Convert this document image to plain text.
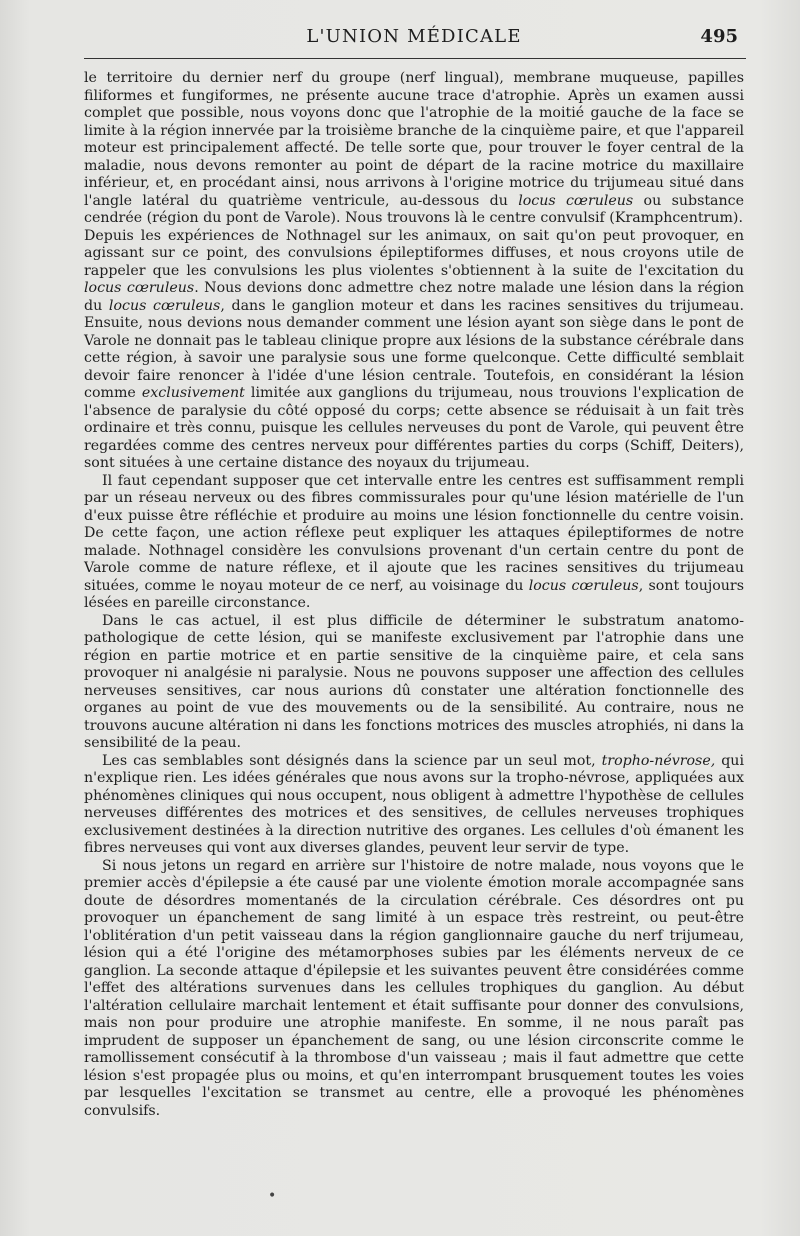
L'UNION MÉDICALE	495

le territoire du dernier nerf du groupe (nerf lingual), membrane muqueuse, papilles filiformes et fungiformes, ne présente aucune trace d'atrophie. Après un examen aussi complet que possible, nous voyons donc que l'atrophie de la moitié gauche de la face se limite à la région innervée par la troisième branche de la cinquième paire, et que l'appareil moteur est principalement affecté. De telle sorte que, pour trouver le foyer central de la maladie, nous devons remonter au point de départ de la racine motrice du maxillaire inférieur, et, en procédant ainsi, nous arrivons à l'origine motrice du trijumeau situé dans l'angle latéral du quatrième ventricule, au-dessous du locus cœruleus ou substance cendrée (région du pont de Varole). Nous trouvons là le centre convulsif (Kramphcentrum).

Depuis les expériences de Nothnagel sur les animaux, on sait qu'on peut provoquer, en agissant sur ce point, des convulsions épileptiformes diffuses, et nous croyons utile de rappeler que les convulsions les plus violentes s'obtiennent à la suite de l'excitation du locus cœruleus. Nous devions donc admettre chez notre malade une lésion dans la région du locus cœruleus, dans le ganglion moteur et dans les racines sensitives du trijumeau. Ensuite, nous devions nous demander comment une lésion ayant son siège dans le pont de Varole ne donnait pas le tableau clinique propre aux lésions de la substance cérébrale dans cette région, à savoir une paralysie sous une forme quelconque. Cette difficulté semblait devoir faire renoncer à l'idée d'une lésion centrale. Toutefois, en considérant la lésion comme exclusivement limitée aux ganglions du trijumeau, nous trouvions l'explication de l'absence de paralysie du côté opposé du corps; cette absence se réduisait à un fait très ordinaire et très connu, puisque les cellules nerveuses du pont de Varole, qui peuvent être regardées comme des centres nerveux pour différentes parties du corps (Schiff, Deiters), sont situées à une certaine distance des noyaux du trijumeau.

Il faut cependant supposer que cet intervalle entre les centres est suffisamment rempli par un réseau nerveux ou des fibres commissurales pour qu'une lésion matérielle de l'un d'eux puisse être réfléchie et produire au moins une lésion fonctionnelle du centre voisin. De cette façon, une action réflexe peut expliquer les attaques épileptiformes de notre malade. Nothnagel considère les convulsions provenant d'un certain centre du pont de Varole comme de nature réflexe, et il ajoute que les racines sensitives du trijumeau situées, comme le noyau moteur de ce nerf, au voisinage du locus cœruleus, sont toujours lésées en pareille circonstance.

Dans le cas actuel, il est plus difficile de déterminer le substratum anatomo-pathologique de cette lésion, qui se manifeste exclusivement par l'atrophie dans une région en partie motrice et en partie sensitive de la cinquième paire, et cela sans provoquer ni analgésie ni paralysie. Nous ne pouvons supposer une affection des cellules nerveuses sensitives, car nous aurions dû constater une altération fonctionnelle des organes au point de vue des mouvements ou de la sensibilité. Au contraire, nous ne trouvons aucune altération ni dans les fonctions motrices des muscles atrophiés, ni dans la sensibilité de la peau.

Les cas semblables sont désignés dans la science par un seul mot, tropho-névrose, qui n'explique rien. Les idées générales que nous avons sur la tropho-névrose, appliquées aux phénomènes cliniques qui nous occupent, nous obligent à admettre l'hypothèse de cellules nerveuses différentes des motrices et des sensitives, de cellules nerveuses trophiques exclusivement destinées à la direction nutritive des organes. Les cellules d'où émanent les fibres nerveuses qui vont aux diverses glandes, peuvent leur servir de type.

Si nous jetons un regard en arrière sur l'histoire de notre malade, nous voyons que le premier accès d'épilepsie a éte causé par une violente émotion morale accompagnée sans doute de désordres momentanés de la circulation cérébrale. Ces désordres ont pu provoquer un épanchement de sang limité à un espace très restreint, ou peut-être l'oblitération d'un petit vaisseau dans la région ganglionnaire gauche du nerf trijumeau, lésion qui a été l'origine des métamorphoses subies par les éléments nerveux de ce ganglion. La seconde attaque d'épilepsie et les suivantes peuvent être considérées comme l'effet des altérations survenues dans les cellules trophiques du ganglion. Au début l'altération cellulaire marchait lentement et était suffisante pour donner des convulsions, mais non pour produire une atrophie manifeste. En somme, il ne nous paraît pas imprudent de supposer un épanchement de sang, ou une lésion circonscrite comme le ramollissement consécutif à la thrombose d'un vaisseau ; mais il faut admettre que cette lésion s'est propagée plus ou moins, et qu'en interrompant brusquement toutes les voies par lesquelles l'excitation se transmet au centre, elle a provoqué les phénomènes convulsifs.

•
